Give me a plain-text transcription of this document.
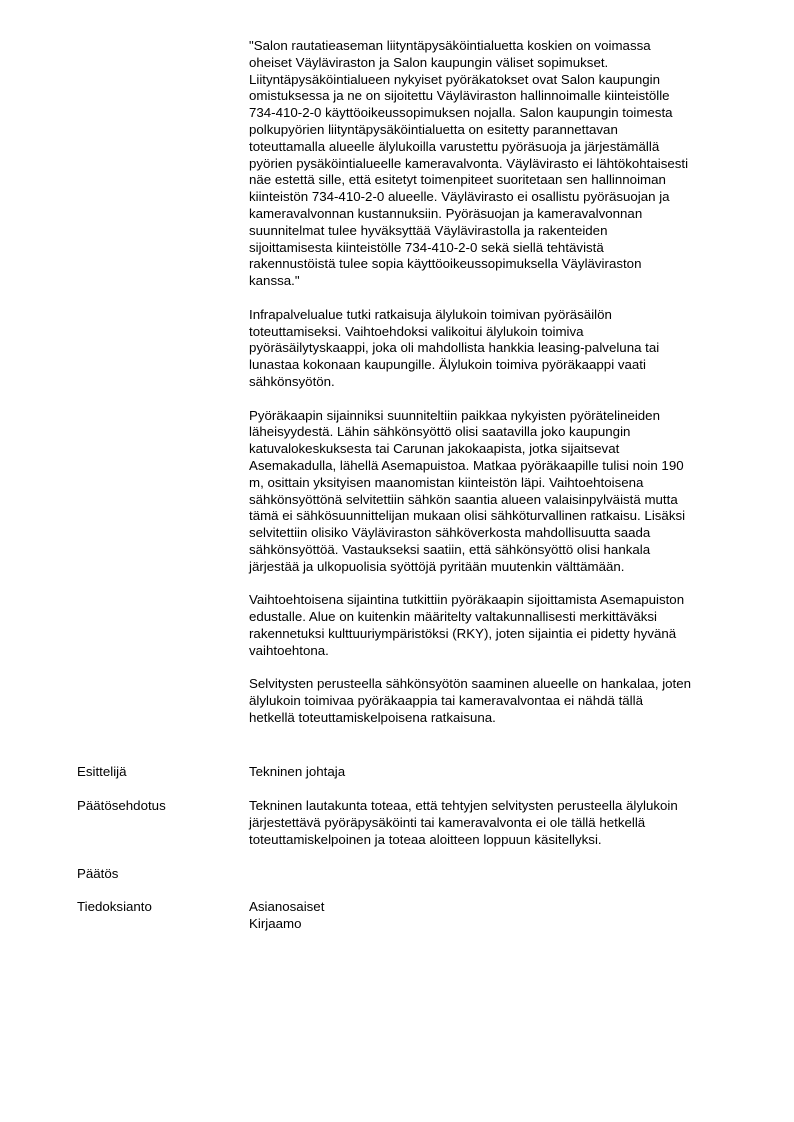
"Salon rautatieaseman liityntäpysäköintialuetta koskien on voimassa
oheiset Väyläviraston ja Salon kaupungin väliset sopimukset.
Liityntäpysäköintialueen nykyiset pyöräkatokset ovat Salon kaupungin
omistuksessa ja ne on sijoitettu Väyläviraston hallinnoimalle kiinteistölle
734-410-2-0 käyttöoikeussopimuksen nojalla. Salon kaupungin toimesta
polkupyörien liityntäpysäköintialuetta on esitetty parannettavan
toteuttamalla alueelle älylukoilla varustettu pyöräsuoja ja järjestämällä
pyörien pysäköintialueelle kameravalvonta. Väylävirasto ei lähtökohtaisesti
näe estettä sille, että esitetyt toimenpiteet suoritetaan sen hallinnoiman
kiinteistön 734-410-2-0 alueelle. Väylävirasto ei osallistu pyöräsuojan ja
kameravalvonnan kustannuksiin. Pyöräsuojan ja kameravalvonnan
suunnitelmat tulee hyväksyttää Väylävirastolla ja rakenteiden
sijoittamisesta kiinteistölle 734-410-2-0 sekä siellä tehtävistä
rakennustöistä tulee sopia käyttöoikeussopimuksella Väyläviraston
kanssa."

Infrapalvelualue tutki ratkaisuja älylukoin toimivan pyöräsäilön
toteuttamiseksi. Vaihtoehdoksi valikoitui älylukoin toimiva
pyöräsäilytyskaappi, joka oli mahdollista hankkia leasing-palveluna tai
lunastaa kokonaan kaupungille. Älylukoin toimiva pyöräkaappi vaati
sähkönsyötön.

Pyöräkaapin sijainniksi suunniteltiin paikkaa nykyisten pyörätelineiden
läheisyydestä. Lähin sähkönsyöttö olisi saatavilla joko kaupungin
katuvalokeskuksesta tai Carunan jakokaapista, jotka sijaitsevat
Asemakadulla, lähellä Asemapuistoa. Matkaa pyöräkaapille tulisi noin 190
m, osittain yksityisen maanomistan kiinteistön läpi. Vaihtoehtoisena
sähkönsyöttönä selvitettiin sähkön saantia alueen valaisinpylväistä mutta
tämä ei sähkösuunnittelijan mukaan olisi sähköturvallinen ratkaisu. Lisäksi
selvitettiin olisiko Väyläviraston sähköverkosta mahdollisuutta saada
sähkönsyöttöä. Vastaukseksi saatiin, että sähkönsyöttö olisi hankala
järjestää ja ulkopuolisia syöttöjä pyritään muutenkin välttämään.

Vaihtoehtoisena sijaintina tutkittiin pyöräkaapin sijoittamista Asemapuiston
edustalle. Alue on kuitenkin määritelty valtakunnallisesti merkittäväksi
rakennetuksi kulttuuriympäristöksi (RKY), joten sijaintia ei pidetty hyvänä
vaihtoehtona.

Selvitysten perusteella sähkönsyötön saaminen alueelle on hankalaa, joten
älylukoin toimivaa pyöräkaappia tai kameravalvontaa ei nähdä tällä
hetkellä toteuttamiskelpoisena ratkaisuna.

Esittelijä	Tekninen johtaja
Päätösehdotus	Tekninen lautakunta toteaa, että tehtyjen selvitysten perusteella älylukoin
järjestettävä pyöräpysäköinti tai kameravalvonta ei ole tällä hetkellä
toteuttamiskelpoinen ja toteaa aloitteen loppuun käsitellyksi.
Päätös
Tiedoksianto	Asianosaiset
Kirjaamo
